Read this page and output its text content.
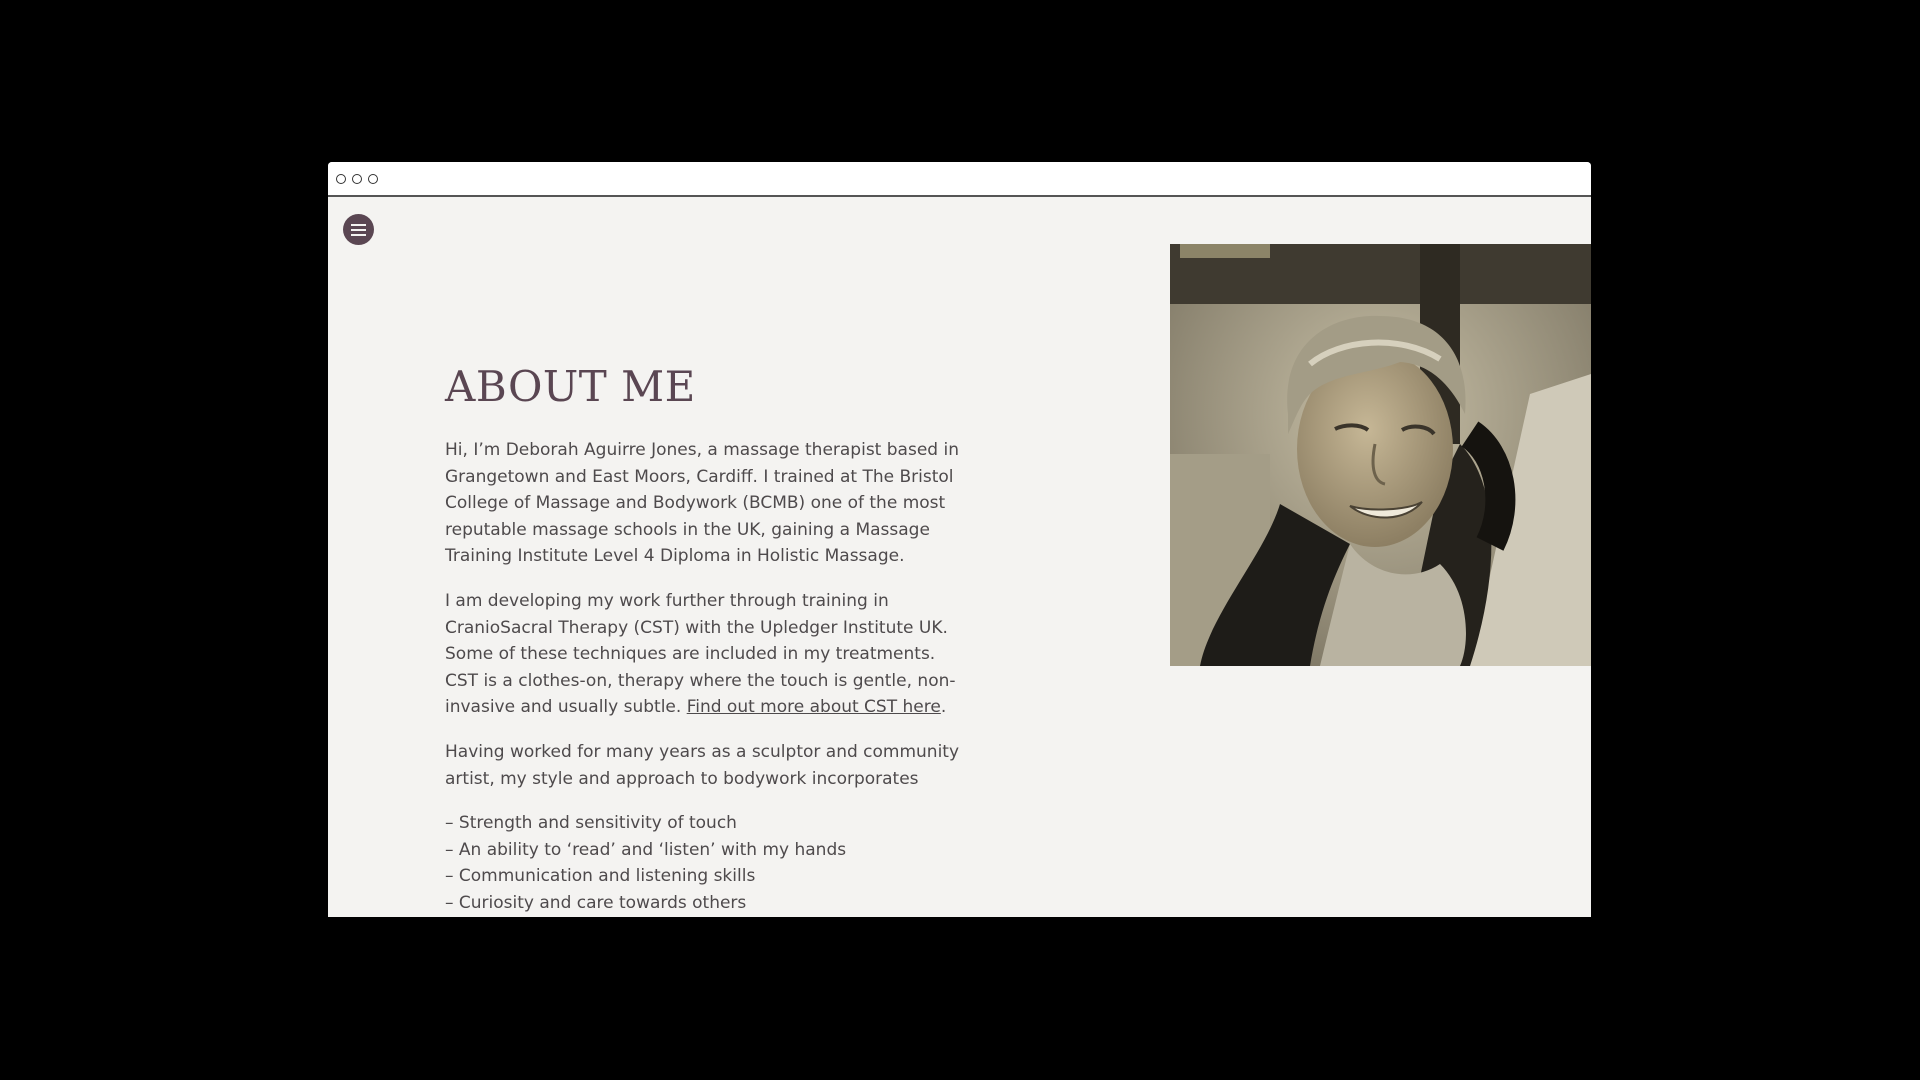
ABOUT ME

Hi, I’m Deborah Aguirre Jones, a massage therapist based in Grangetown and East Moors, Cardiff. I trained at The Bristol College of Massage and Bodywork (BCMB) one of the most reputable massage schools in the UK, gaining a Massage Training Institute Level 4 Diploma in Holistic Massage.

I am developing my work further through training in CranioSacral Therapy (CST) with the Upledger Institute UK. Some of these techniques are included in my treatments. CST is a clothes-on, therapy where the touch is gentle, non-invasive and usually subtle. Find out more about CST here.

Having worked for many years as a sculptor and community artist, my style and approach to bodywork incorporates

– Strength and sensitivity of touch
– An ability to ‘read’ and ‘listen’ with my hands
– Communication and listening skills
– Curiosity and care towards others
